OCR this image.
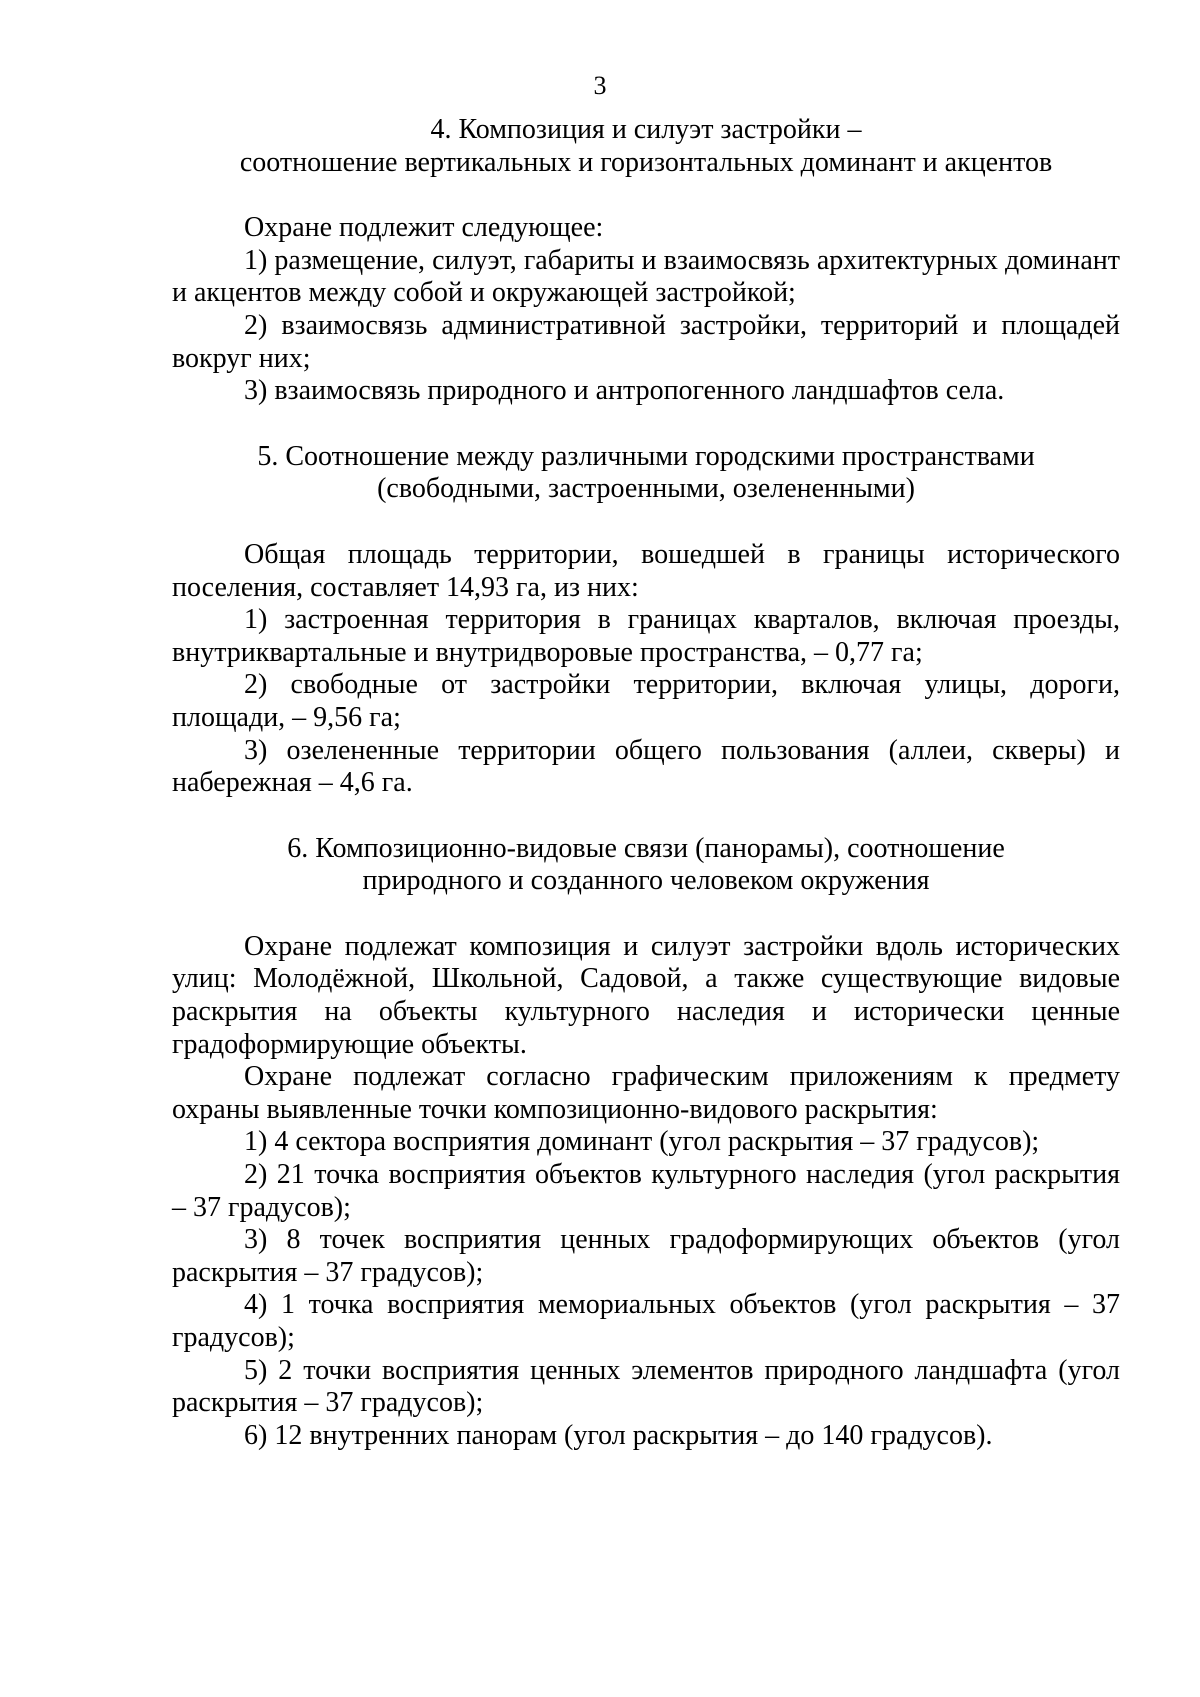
3

4. Композиция и силуэт застройки –
соотношение вертикальных и горизонтальных доминант и акцентов

Охране подлежит следующее:

1) размещение, силуэт, габариты и взаимосвязь архитектурных доминант и акцентов между собой и окружающей застройкой;

2) взаимосвязь административной застройки, территорий и площадей вокруг них;

3) взаимосвязь природного и антропогенного ландшафтов села.

5. Соотношение между различными городскими пространствами
(свободными, застроенными, озелененными)

Общая площадь территории, вошедшей в границы исторического поселения, составляет 14,93 га, из них:

1) застроенная территория в границах кварталов, включая проезды, внутриквартальные и внутридворовые пространства, – 0,77 га;

2) свободные от застройки территории, включая улицы, дороги, площади, – 9,56 га;

3) озелененные территории общего пользования (аллеи, скверы) и набережная – 4,6 га.

6. Композиционно-видовые связи (панорамы), соотношение
природного и созданного человеком окружения

Охране подлежат композиция и силуэт застройки вдоль исторических улиц: Молодёжной, Школьной, Садовой, а также существующие видовые раскрытия на объекты культурного наследия и исторически ценные градоформирующие объекты.

Охране подлежат согласно графическим приложениям к предмету охраны выявленные точки композиционно-видового раскрытия:

1) 4 сектора восприятия доминант (угол раскрытия – 37 градусов);

2) 21 точка восприятия объектов культурного наследия (угол раскрытия – 37 градусов);

3) 8 точек восприятия ценных градоформирующих объектов (угол раскрытия – 37 градусов);

4) 1 точка восприятия мемориальных объектов (угол раскрытия – 37 градусов);

5) 2 точки восприятия ценных элементов природного ландшафта (угол раскрытия – 37 градусов);

6) 12 внутренних панорам (угол раскрытия – до 140 градусов).
